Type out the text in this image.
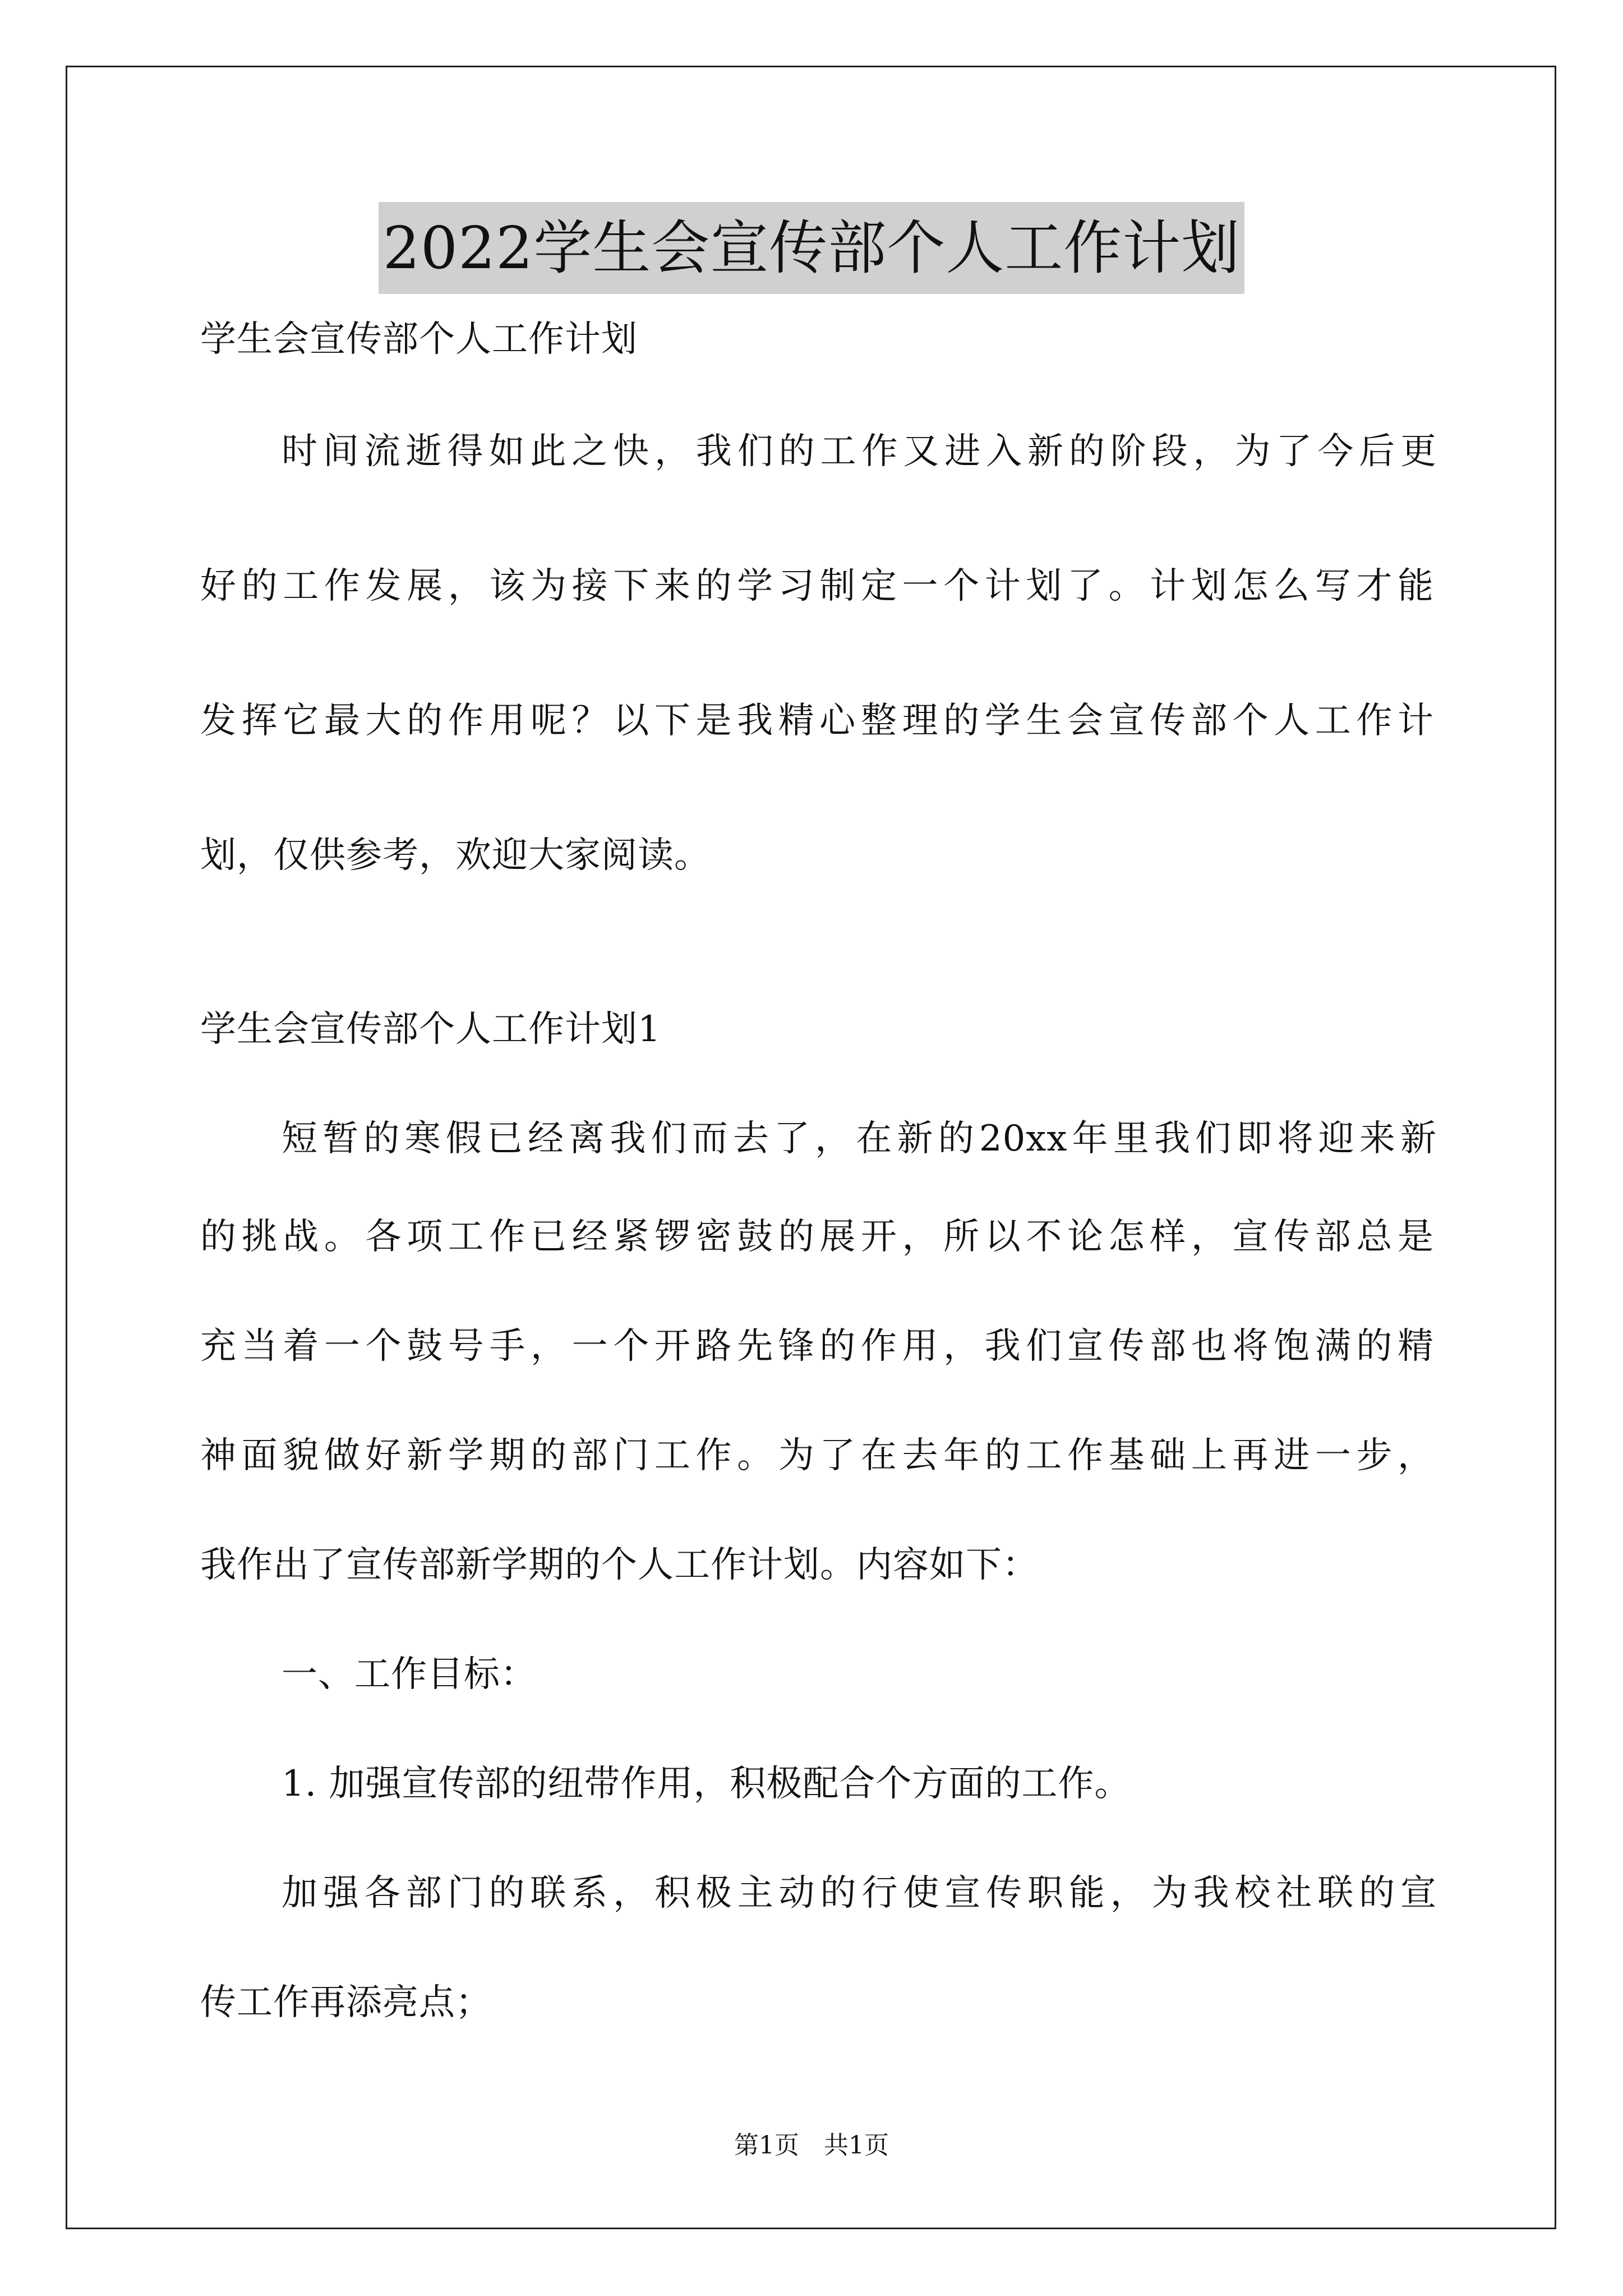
2022学生会宣传部个人工作计划
学生会宣传部个人工作计划
时间流逝得如此之快，我们的工作又进入新的阶段，为了今后更
好的工作发展，该为接下来的学习制定一个计划了。计划怎么写才能
发挥它最大的作用呢？以下是我精心整理的学生会宣传部个人工作计
划，仅供参考，欢迎大家阅读。
学生会宣传部个人工作计划1
短暂的寒假已经离我们而去了，在新的20xx年里我们即将迎来新
的挑战。各项工作已经紧锣密鼓的展开，所以不论怎样，宣传部总是
充当着一个鼓号手，一个开路先锋的作用，我们宣传部也将饱满的精
神面貌做好新学期的部门工作。为了在去年的工作基础上再进一步，
我作出了宣传部新学期的个人工作计划。内容如下：
一、工作目标：
1. 加强宣传部的纽带作用，积极配合个方面的工作。
加强各部门的联系，积极主动的行使宣传职能，为我校社联的宣
传工作再添亮点；
第1页　共1页
